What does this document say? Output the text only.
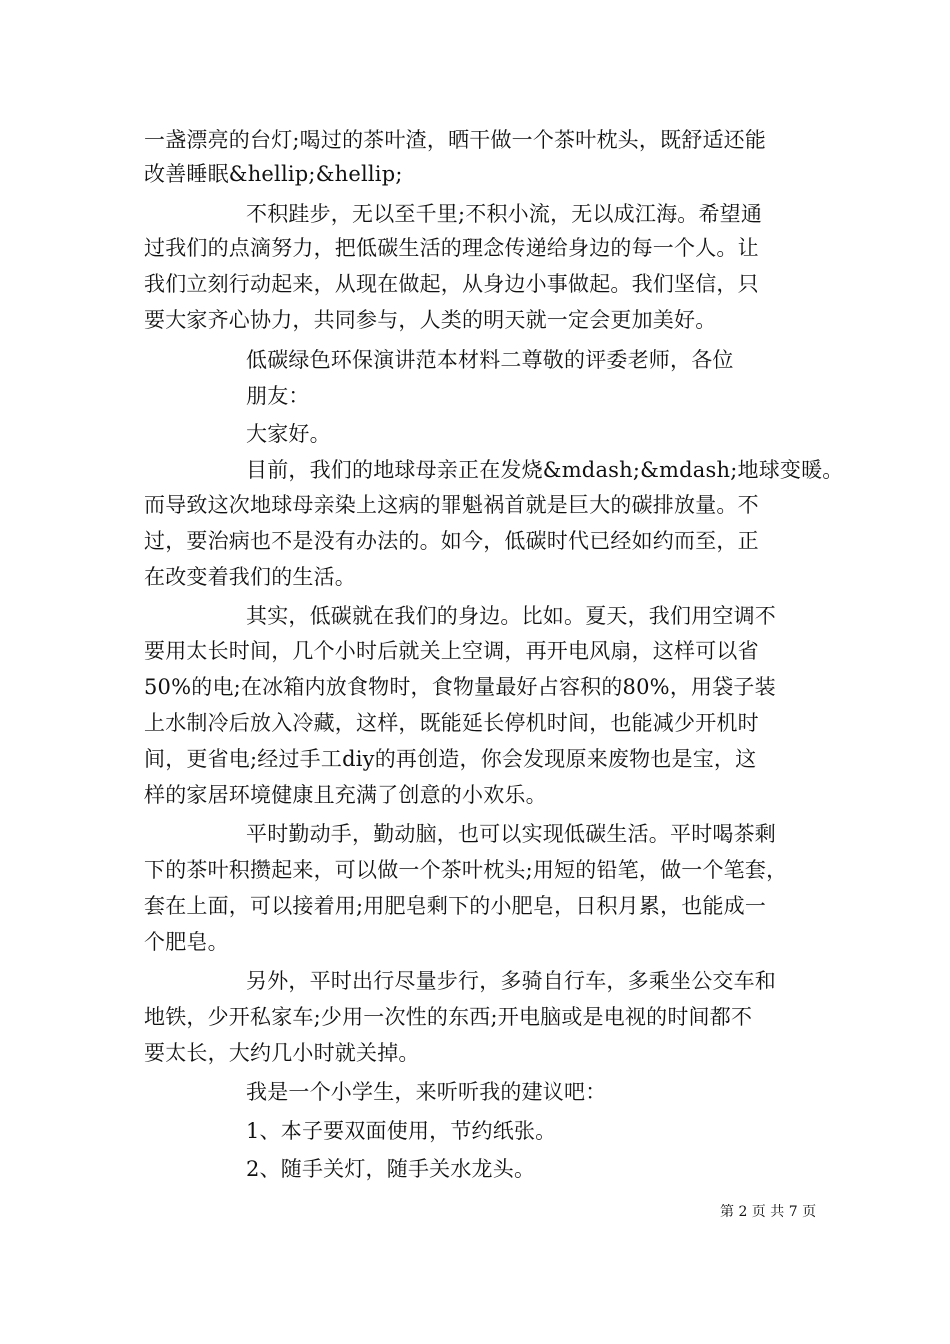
一盏漂亮的台灯;喝过的茶叶渣，晒干做一个茶叶枕头，既舒适还能
改善睡眠&hellip;&hellip;
不积跬步，无以至千里;不积小流，无以成江海。希望通
过我们的点滴努力，把低碳生活的理念传递给身边的每一个人。让
我们立刻行动起来，从现在做起，从身边小事做起。我们坚信，只
要大家齐心协力，共同参与，人类的明天就一定会更加美好。
低碳绿色环保演讲范本材料二尊敬的评委老师，各位
朋友：
大家好。
目前，我们的地球母亲正在发烧&mdash;&mdash;地球变暖。
而导致这次地球母亲染上这病的罪魁祸首就是巨大的碳排放量。不
过，要治病也不是没有办法的。如今，低碳时代已经如约而至，正
在改变着我们的生活。
其实，低碳就在我们的身边。比如。夏天，我们用空调不
要用太长时间，几个小时后就关上空调，再开电风扇，这样可以省
50%的电;在冰箱内放食物时，食物量最好占容积的80%，用袋子装
上水制冷后放入冷藏，这样，既能延长停机时间，也能减少开机时
间，更省电;经过手工diy的再创造，你会发现原来废物也是宝，这
样的家居环境健康且充满了创意的小欢乐。
平时勤动手，勤动脑，也可以实现低碳生活。平时喝茶剩
下的茶叶积攒起来，可以做一个茶叶枕头;用短的铅笔，做一个笔套，
套在上面，可以接着用;用肥皂剩下的小肥皂，日积月累，也能成一
个肥皂。
另外，平时出行尽量步行，多骑自行车，多乘坐公交车和
地铁，少开私家车;少用一次性的东西;开电脑或是电视的时间都不
要太长，大约几小时就关掉。
我是一个小学生，来听听我的建议吧：
1、本子要双面使用，节约纸张。
2、随手关灯，随手关水龙头。
第 2 页 共 7 页
